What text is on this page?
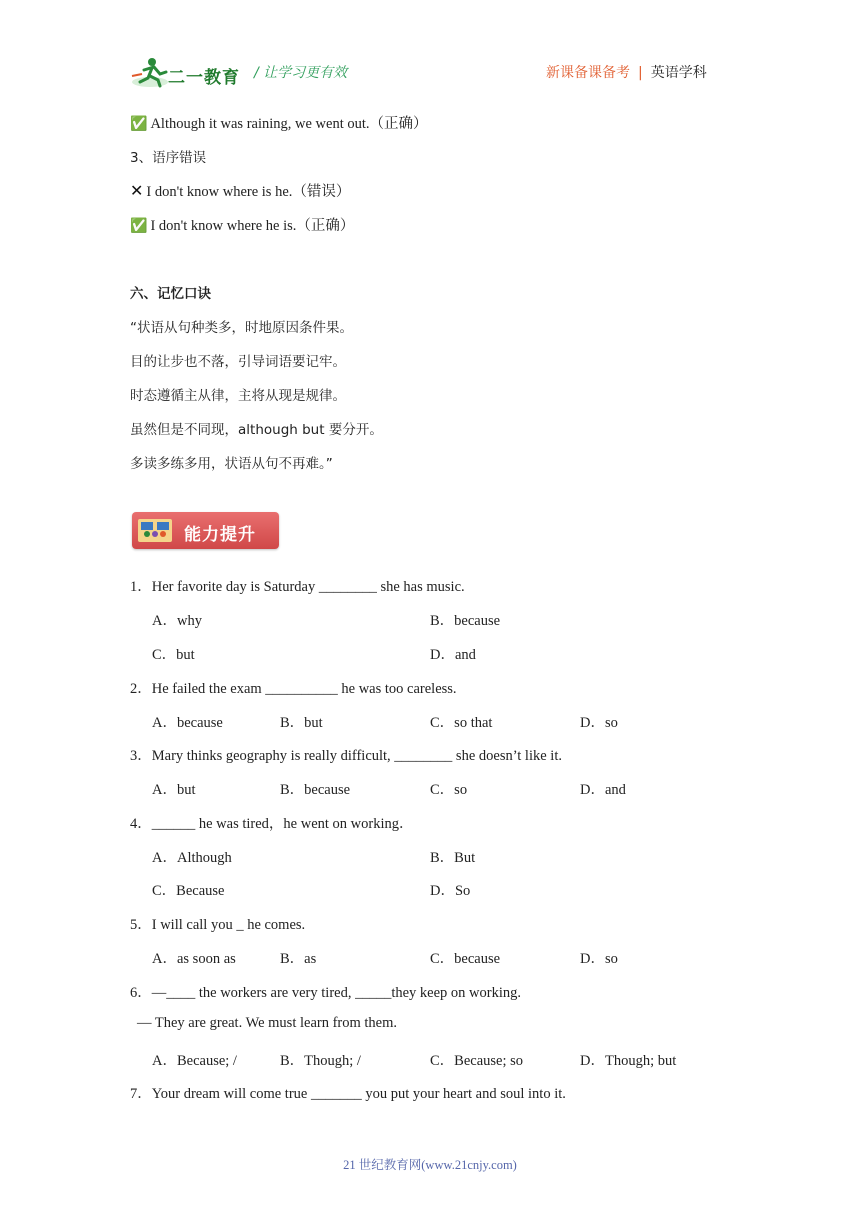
二一教育 / 让学习更有效	新课备课备考 | 英语学科
✅ Although it was raining, we went out.（正确）
3、语序错误
✕ I don't know where is he.（错误）
✅ I don't know where he is.（正确）
六、记忆口诀
“状语从句种类多，时地原因条件果。
目的让步也不落，引导词语要记牢。
时态遵循主从律，主将从现是规律。
虽然但是不同现，although but 要分开。
多读多练多用，状语从句不再难。”
能力提升
1．Her favorite day is Saturday ________ she has music.
A．why	B．because
C．but	D．and
2．He failed the exam __________ he was too careless.
A．because	B．but	C．so that	D．so
3．Mary thinks geography is really difficult, ________ she doesn’t like it.
A．but	B．because	C．so	D．and
4．______ he was tired，he went on working．
A．Although	B．But
C．Because	D．So
5．I will call you _ he comes.
A．as soon as	B．as	C．because	D．so
6．—____ the workers are very tired, _____they keep on working.
— They are great. We must learn from them.
A．Because; /	B．Though; /	C．Because; so	D．Though; but
7．Your dream will come true _______ you put your heart and soul into it.
21 世纪教育网(www.21cnjy.com)
